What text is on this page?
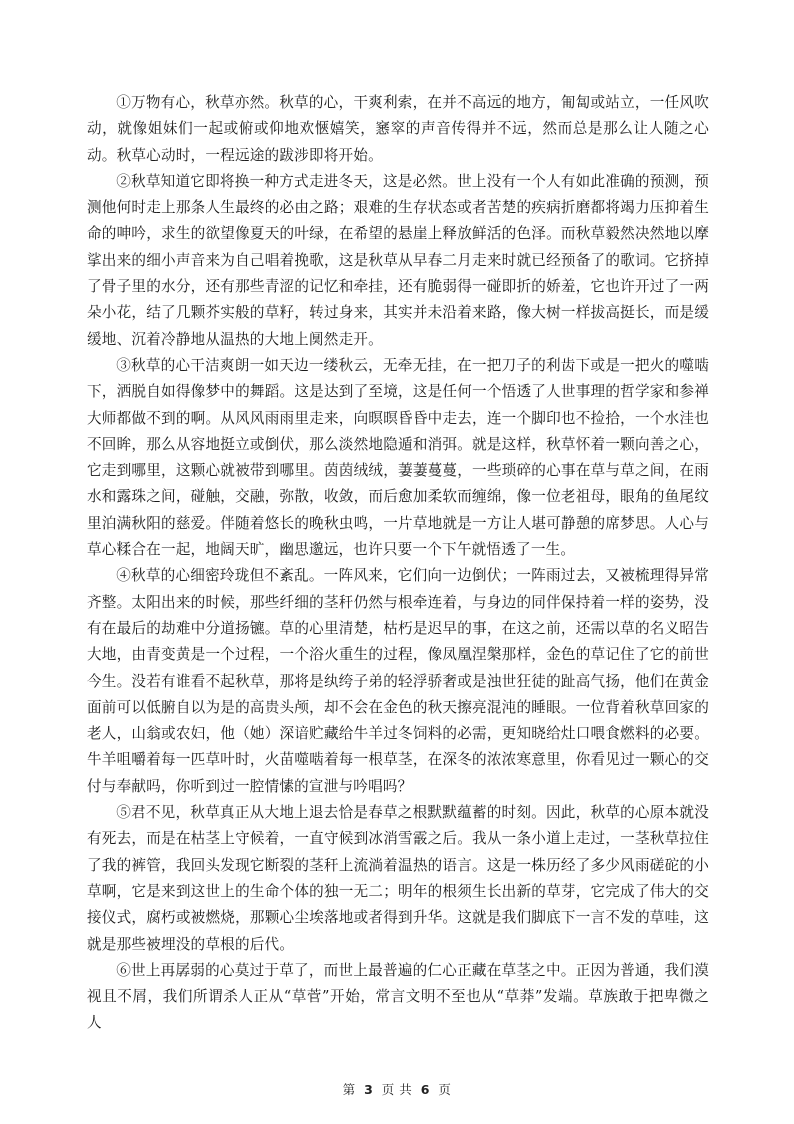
①万物有心，秋草亦然。秋草的心，干爽利索，在并不高远的地方，匍匐或站立，一任风吹动，就像姐妹们一起或俯或仰地欢愜嬉笑，窸窣的声音传得并不远，然而总是那么让人随之心动。秋草心动时，一程远途的跋涉即将开始。

②秋草知道它即将换一种方式走进冬天，这是必然。世上没有一个人有如此准确的预测，预测他何时走上那条人生最终的必由之路；艰难的生存状态或者苦楚的疾病折磨都将竭力压抑着生命的呻吟，求生的欲望像夏天的叶绿，在希望的悬崖上释放鲜活的色泽。而秋草毅然决然地以摩挲出来的细小声音来为自己唱着挽歌，这是秋草从早春二月走来时就已经预备了的歌词。它挤掉了骨子里的水分，还有那些青涩的记忆和牵挂，还有脆弱得一碰即折的娇羞，它也许开过了一两朵小花，结了几颗芥实般的草籽，转过身来，其实并未沿着来路，像大树一样拔高挺长，而是缓缓地、沉着冷静地从温热的大地上阒然走开。

③秋草的心干洁爽朗一如天边一缕秋云，无牵无挂，在一把刀子的利齿下或是一把火的噬啮下，洒脱自如得像梦中的舞蹈。这是达到了至境，这是任何一个悟透了人世事理的哲学家和参禅大师都做不到的啊。从风风雨雨里走来，向暝暝昏昏中走去，连一个脚印也不捡拾，一个水洼也不回眸，那么从容地挺立或倒伏，那么淡然地隐遁和消弭。就是这样，秋草怀着一颗向善之心，它走到哪里，这颗心就被带到哪里。茵茵绒绒，萋萋蔓蔓，一些琐碎的心事在草与草之间，在雨水和露珠之间，碰触，交融，弥散，收敛，而后愈加柔软而缠绵，像一位老祖母，眼角的鱼尾纹里泊满秋阳的慈爱。伴随着悠长的晚秋虫鸣，一片草地就是一方让人堪可静憩的席梦思。人心与草心糅合在一起，地阔天旷，幽思邈远，也许只要一个下午就悟透了一生。

④秋草的心细密玲珑但不紊乱。一阵风来，它们向一边倒伏；一阵雨过去，又被梳理得异常齐整。太阳出来的时候，那些纤细的茎秆仍然与根牵连着，与身边的同伴保持着一样的姿势，没有在最后的劫难中分道扬镳。草的心里清楚，枯朽是迟早的事，在这之前，还需以草的名义昭告大地，由青变黄是一个过程，一个浴火重生的过程，像凤凰涅槃那样，金色的草记住了它的前世今生。没若有谁看不起秋草，那将是纨绔子弟的轻浮骄奢或是浊世狂徒的趾高气扬，他们在黄金面前可以低腑自以为是的高贵头颅，却不会在金色的秋天擦亮混沌的睡眼。一位背着秋草回家的老人，山翁或农妇，他（她）深谙贮藏给牛羊过冬饲料的必需，更知晓给灶口喂食燃料的必要。牛羊咀嚼着每一匹草叶时，火苗噬啮着每一根草茎，在深冬的浓浓寒意里，你看见过一颗心的交付与奉献吗，你听到过一腔情愫的宣泄与吟唱吗？

⑤君不见，秋草真正从大地上退去恰是春草之根默默蕴蓄的时刻。因此，秋草的心原本就没有死去，而是在枯茎上守候着，一直守候到冰消雪霰之后。我从一条小道上走过，一茎秋草拉住了我的裤管，我回头发现它断裂的茎秆上流淌着温热的语言。这是一株历经了多少风雨磋砣的小草啊，它是来到这世上的生命个体的独一无二；明年的根须生长出新的草芽，它完成了伟大的交接仪式，腐朽或被燃烧，那颗心尘埃落地或者得到升华。这就是我们脚底下一言不发的草哇，这就是那些被埋没的草根的后代。

⑥世上再孱弱的心莫过于草了，而世上最普遍的仁心正藏在草茎之中。正因为普通，我们漠视且不屑，我们所谓杀人正从“草菅”开始，常言文明不至也从“草莽”发端。草族敢于把卑微之人

第 3 页 共 6 页
